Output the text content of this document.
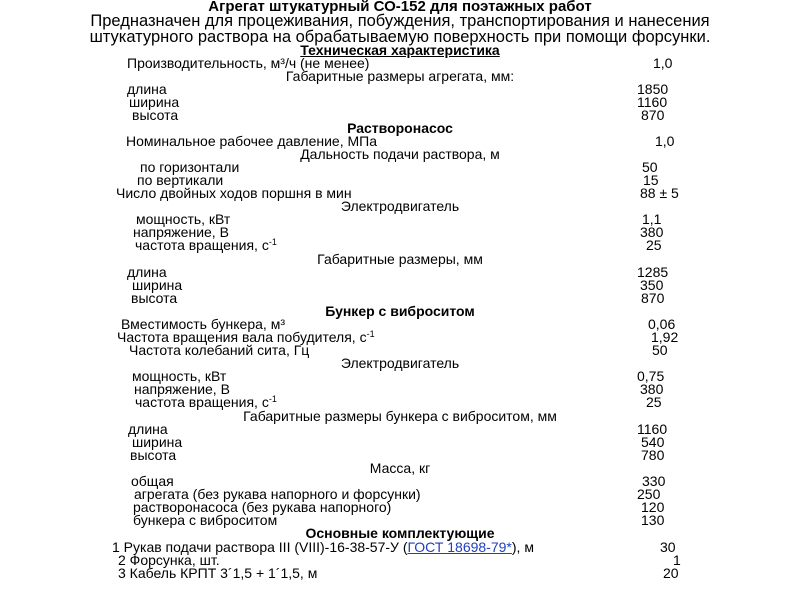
Агрегат штукатурный СО-152 для поэтажных работ
Предназначен для процеживания, побуждения, транспортирования и нанесения
штукатурного раствора на обрабатываемую поверхность при помощи форсунки.
Техническая характеристика
Производительность, м³/ч (не менее)	1,0
Габаритные размеры агрегата, мм:
длина	1850
ширина	1160
высота	870
Растворонасос
Номинальное рабочее давление, МПа	1,0
Дальность подачи раствора, м
по горизонтали	50
по вертикали	15
Число двойных ходов поршня в мин	88 ± 5
Электродвигатель
мощность, кВт	1,1
напряжение, В	380
частота вращения, $с^{-1}$	25
Габаритные размеры, мм
длина	1285
ширина	350
высота	870
Бункер с виброситом
Вместимость бункера, м³	0,06
Частота вращения вала побудителя, $с^{-1}$	1,92
Частота колебаний сита, Гц	50
Электродвигатель
мощность, кВт	0,75
напряжение, В	380
частота вращения, $с^{-1}$	25
Габаритные размеры бункера с вибpоситом, мм
длина	1160
ширина	540
высота	780
Масса, кг
общая	330
агрегата (без рукава напорного и форсунки)	250
растворонасоса (без рукава напорного)	120
бункера с вибpоситом	130
Основные комплектующие
1 Рукав подачи раствора III (VIII)-16-38-57-У (ГОСТ 18698-79*), м	30
2 Форсунка, шт.	1
3 Кабель КРПТ 3´1,5 + 1´1,5, м	20
